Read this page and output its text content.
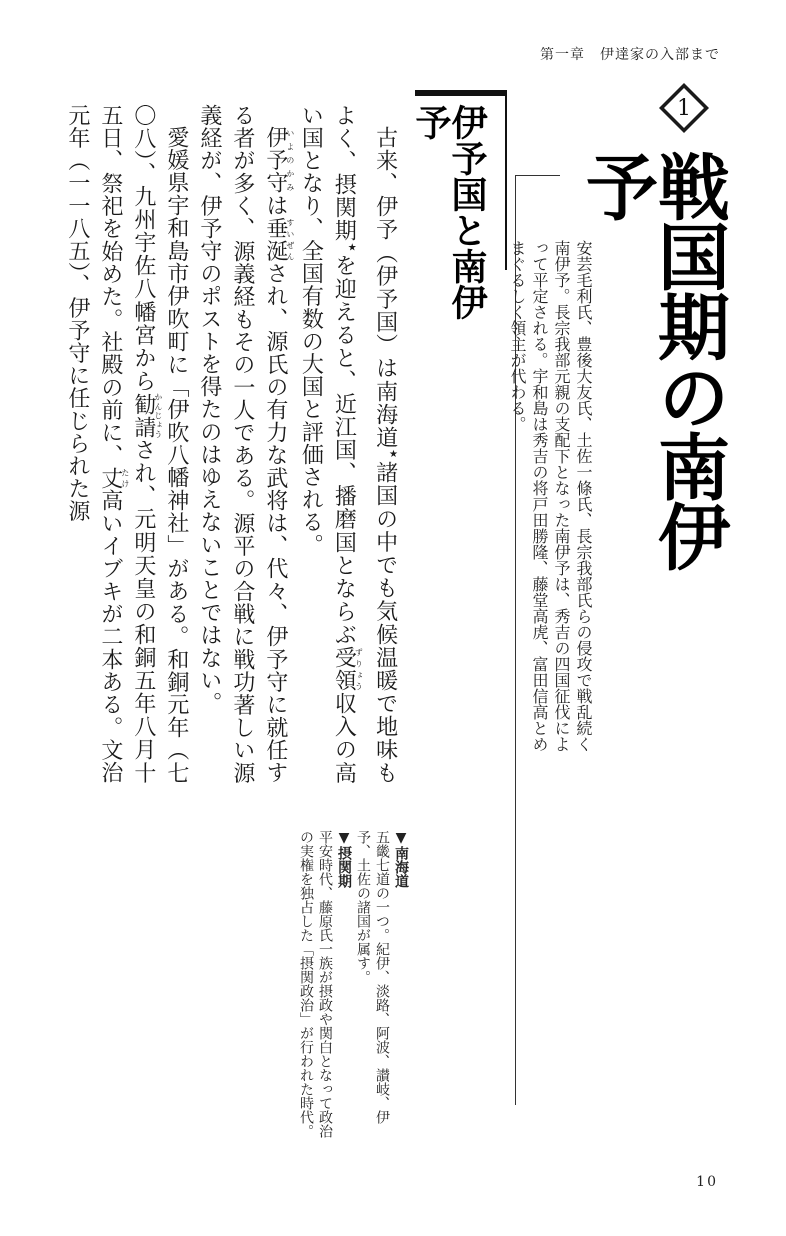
第一章　伊達家の入部まで
1
戦国期の南伊予
安芸毛利氏、豊後大友氏、土佐一條氏、長宗我部氏らの侵攻で戦乱続く南伊予。長宗我部元親の支配下となった南伊予は、秀吉の四国征伐によって平定される。宇和島は秀吉の将戸田勝隆、藤堂高虎、富田信高とめまぐるしく領主が代わる。
伊予国と南伊予

古来、伊予（伊予国）は南海道★諸国の中でも気候温暖で地味もよく、摂関期★を迎えると、近江国、播磨国とならぶ受領ずりょう収入の高い国となり、全国有数の大国と評価される。

伊予守いよのかみは垂涎すいぜんされ、源氏の有力な武将は、代々、伊予守に就任する者が多く、源義経もその一人である。源平の合戦に戦功著しい源義経が、伊予守のポストを得たのはゆえないことではない。

愛媛県宇和島市伊吹町に「伊吹八幡神社」がある。和銅元年（七〇八）、九州宇佐八幡宮から勧請かんじょうされ、元明天皇の和銅五年八月十五日、祭祀を始めた。社殿の前に、丈たけ高いイブキが二本ある。文治元年（一一八五）、伊予守に任じられた源

▼南海道
五畿七道の一つ。紀伊、淡路、阿波、讃岐、伊予、土佐の諸国が属す。
▼摂関期
平安時代、藤原氏一族が摂政や関白となって政治の実権を独占した「摂関政治」が行われた時代。
10
